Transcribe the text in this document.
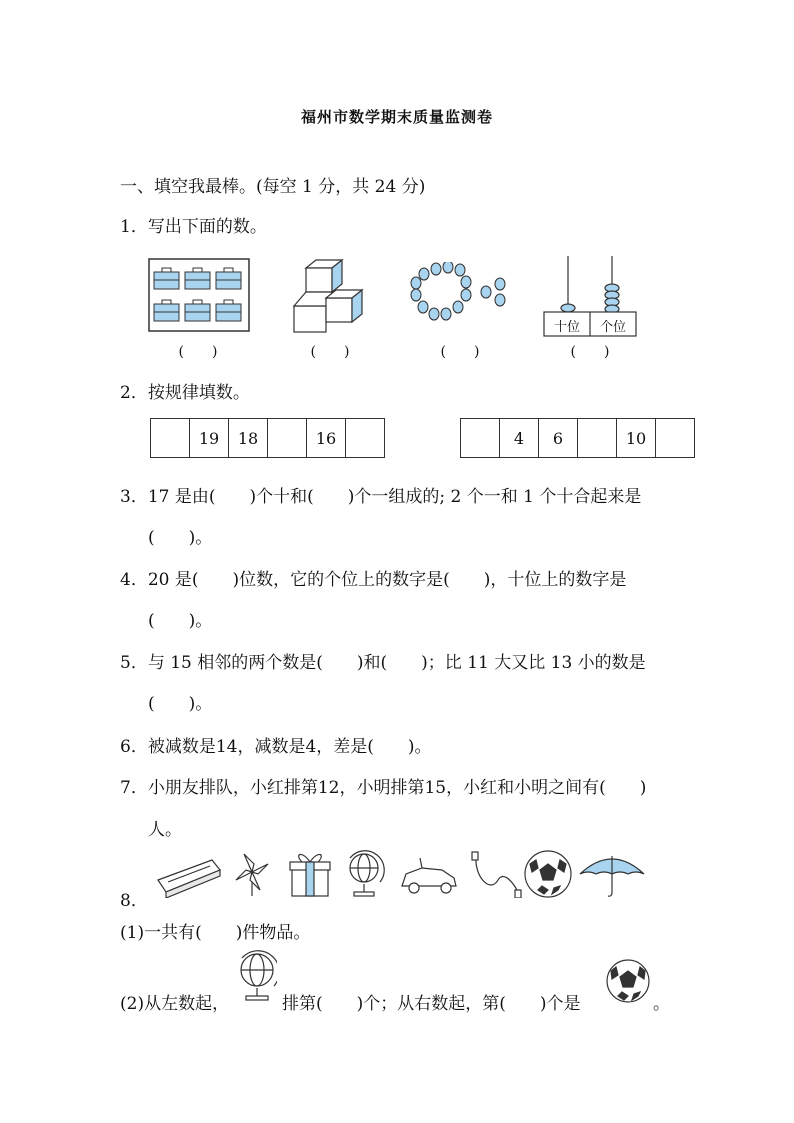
福州市数学期末质量监测卷
一、填空我最棒。(每空 1 分，共 24 分)
1．写出下面的数。
十位	个位
(　　)	(　　)	(　　)	(　　)
2．按规律填数。
	19	18		16	
		4	6		10	
3．17 是由(　　)个十和(　　)个一组成的; 2 个一和 1 个十合起来是
(　　)。
4．20 是(　　)位数，它的个位上的数字是(　　)，十位上的数字是
(　　)。
5．与 15 相邻的两个数是(　　)和(　　)；比 11 大又比 13 小的数是
(　　)。
6．被减数是14，减数是4，差是(　　)。
7．小朋友排队，小红排第12，小明排第15，小红和小明之间有(　　)
人。
8．
(1)一共有(　　)件物品。
(2)从左数起，	排第(　　)个；从右数起，第(　　)个是	。
